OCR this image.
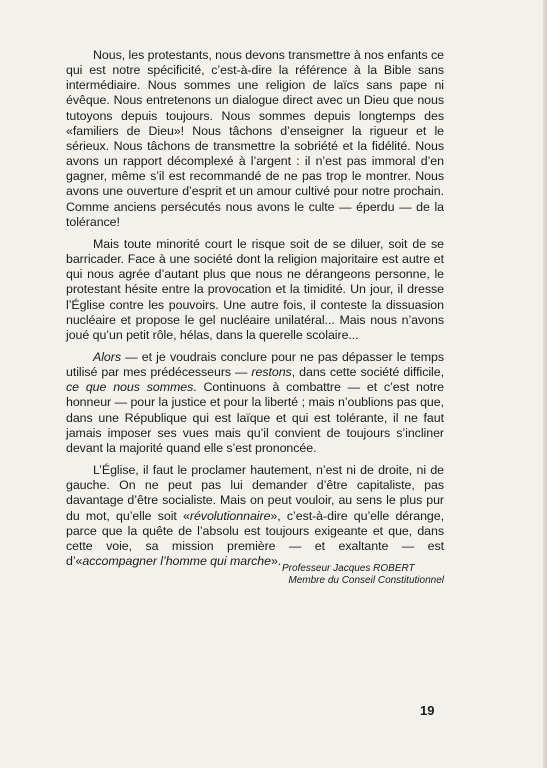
Nous, les protestants, nous devons transmettre à nos enfants ce qui est notre spécificité, c’est-à-dire la référence à la Bible sans intermédiaire. Nous sommes une religion de laïcs sans pape ni évêque. Nous entretenons un dialogue direct avec un Dieu que nous tutoyons depuis toujours. Nous sommes depuis longtemps des «familiers de Dieu»! Nous tâchons d’enseigner la rigueur et le sérieux. Nous tâchons de transmettre la sobriété et la fidélité. Nous avons un rapport décomplexé à l’argent : il n’est pas immoral d’en gagner, même s’il est recommandé de ne pas trop le montrer. Nous avons une ouverture d’esprit et un amour cultivé pour notre prochain. Comme anciens persécutés nous avons le culte — éperdu — de la tolérance!

Mais toute minorité court le risque soit de se diluer, soit de se barricader. Face à une société dont la religion majoritaire est autre et qui nous agrée d’autant plus que nous ne dérangeons personne, le protestant hésite entre la provocation et la timidité. Un jour, il dresse l’Église contre les pouvoirs. Une autre fois, il conteste la dissuasion nucléaire et propose le gel nucléaire unilatéral... Mais nous n’avons joué qu’un petit rôle, hélas, dans la querelle scolaire...

Alors — et je voudrais conclure pour ne pas dépasser le temps utilisé par mes prédécesseurs — restons, dans cette société difficile, ce que nous sommes. Continuons à combattre — et c’est notre honneur — pour la justice et pour la liberté ; mais n’oublions pas que, dans une République qui est laïque et qui est tolérante, il ne faut jamais imposer ses vues mais qu’il convient de toujours s’incliner devant la majorité quand elle s’est prononcée.

L’Église, il faut le proclamer hautement, n’est ni de droite, ni de gauche. On ne peut pas lui demander d’être capitaliste, pas davantage d’être socialiste. Mais on peut vouloir, au sens le plus pur du mot, qu’elle soit «révolutionnaire», c’est-à-dire qu’elle dérange, parce que la quête de l’absolu est toujours exigeante et que, dans cette voie, sa mission première — et exaltante — est d’«accompagner l’homme qui marche».

Professeur Jacques ROBERT
Membre du Conseil Constitutionnel
19
